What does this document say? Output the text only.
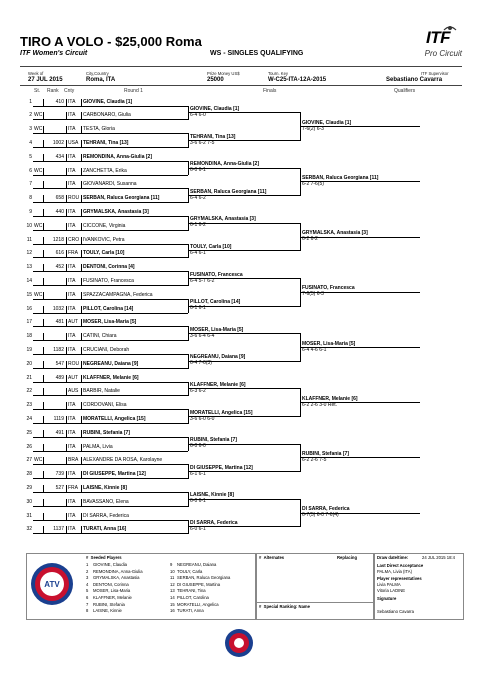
TIRO A VOLO - $25,000 Roma
ITF Women's Circuit	WS - SINGLES QUALIFYING
ITF
Pro Circuit
Week of
27 JUL 2015
City,Country
Roma, ITA
Prize Money US$
25000
Tourn. Key
W-C25-ITA-12A-2015
ITF Supervisor
Sebastiano Cavarra
St. Rank Cnty	Round 1	Finals	Qualifiers
1	410 ITA GIOVINE, Claudia [1]
2 WC	ITA CARBONARO, Giulia
3 WC	ITA TESTA, Gloria
4	1002 USA TEHRANI, Tina [13]
5	434 ITA REMONDINA, Anna-Giulia [2]
6 WC	ITA ZANCHETTA, Erika
7	ITA GIOVANARDI, Susanna
8	658 ROU SERBAN, Raluca Georgiana [11]
9	440 ITA GRYMALSKA, Anastasia [3]
10 WC	ITA CICCONE, Virginia
11	1218 CRO IVANKOVIC, Petra
12	616 FRA TOULY, Carla [10]
13	452 ITA DENTONI, Corinna [4]
14	ITA FUSINATO, Francesca
15 WC	ITA SPAZZACAMPAGNA, Federica
16	1032 ITA PILLOT, Carolina [14]
17	481 AUT MOSER, Lisa-Maria [5]
18	ITA CATINI, Chiara
19	1182 ITA CRUCIANI, Deborah
20	547 ROU NEGREANU, Daiana [9]
21	489 AUT KLAFFNER, Melanie [6]
22	AUS BARBIR, Natalie
23	ITA CORDOVANI, Elisa
24	1119 ITA MORATELLI, Angelica [15]
25	491 ITA RUBINI, Stefania [7]
26	ITA PALMA, Livia
27 WC	BRA ALEXANDRE DA ROSA, Karolayne
28	739 ITA DI GIUSEPPE, Martina [12]
29	527 FRA LAISNE, Kinnie [8]
30	ITA BAVASSANO, Elena
31	ITA DI SARRA, Federica
32	1137 ITA TURATI, Anna [16]
GIOVINE, Claudia [1]
6-4 6-0
TEHRANI, Tina [13]
3-6 6-2 7-5
REMONDINA, Anna-Giulia [2]
6-0 6-1
SERBAN, Raluca Georgiana [11]
6-4 6-2
GRYMALSKA, Anastasia [3]
6-1 6-2
TOULY, Carla [10]
6-4 6-1
FUSINATO, Francesca
6-4 5-7 6-2
PILLOT, Carolina [14]
6-1 6-1
MOSER, Lisa-Maria [5]
3-6 6-4 6-4
NEGREANU, Daiana [9]
6-4 7-6(3)
KLAFFNER, Melanie [6]
6-3 6-2
MORATELLI, Angelica [15]
3-6 6-0 6-0
RUBINI, Stefania [7]
6-0 6-0
DI GIUSEPPE, Martina [12]
6-1 6-1
LAISNE, Kinnie [8]
6-0 6-1
DI SARRA, Federica
6-0 6-1
GIOVINE, Claudia [1]
7-6(2) 6-3
SERBAN, Raluca Georgiana [11]
6-2 7-6(5)
GRYMALSKA, Anastasia [3]
6-2 6-2
FUSINATO, Francesca
7-6(5) 6-3
MOSER, Lisa-Maria [5]
6-4 4-6 6-1
KLAFFNER, Melanie [6]
6-2 2-6 3-0 Ret.
RUBINI, Stefania [7]
6-2 2-6 7-5
DI SARRA, Federica
6-7(5) 6-0 7-6(4)
ATV
#  Seeded Players
1 GIOVINE, Claudia
2 REMONDINA, Anna-Giulia
3 GRYMALSKA, Anastasia
4 DENTONI, Corinna
5 MOSER, Lisa-Maria
6 KLAFFNER, Melanie
7 RUBINI, Stefania
8 LAISNE, Kinnie
9 NEGREANU, Daiana
10 TOULY, Carla
11 SERBAN, Raluca Georgiana
12 DI GIUSEPPE, Martina
13 TEHRANI, Tina
14 PILLOT, Carolina
15 MORATELLI, Angelica
16 TURATI, Anna
#  Alternates	Replacing
#  Special Ranking: Name
Draw date/time:	24 JUL 2015 18:4
Last Direct Acceptance
PALMA, Livia (ITA)
Player representatives
Livia PALMA
Vitoria LADINE
Signature
Sebastiano Cavarra
